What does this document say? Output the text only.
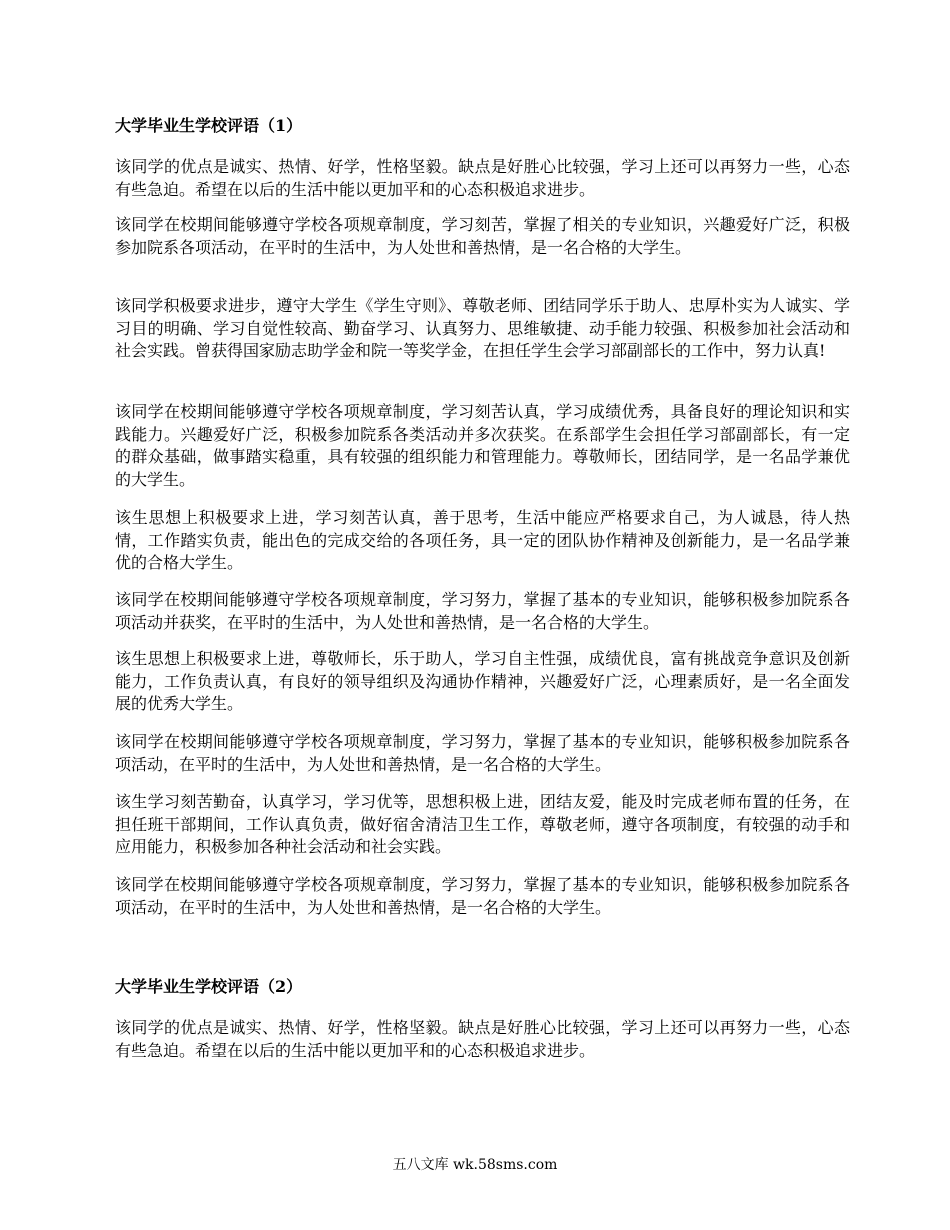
大学毕业生学校评语（1）

该同学的优点是诚实、热情、好学，性格坚毅。缺点是好胜心比较强，学习上还可以再努力一些，心态有些急迫。希望在以后的生活中能以更加平和的心态积极追求进步。

该同学在校期间能够遵守学校各项规章制度，学习刻苦，掌握了相关的专业知识，兴趣爱好广泛，积极参加院系各项活动，在平时的生活中，为人处世和善热情，是一名合格的大学生。

该同学积极要求进步，遵守大学生《学生守则》、尊敬老师、团结同学乐于助人、忠厚朴实为人诚实、学习目的明确、学习自觉性较高、勤奋学习、认真努力、思维敏捷、动手能力较强、积极参加社会活动和社会实践。曾获得国家励志助学金和院一等奖学金，在担任学生会学习部副部长的工作中，努力认真!

该同学在校期间能够遵守学校各项规章制度，学习刻苦认真，学习成绩优秀，具备良好的理论知识和实践能力。兴趣爱好广泛，积极参加院系各类活动并多次获奖。在系部学生会担任学习部副部长，有一定的群众基础，做事踏实稳重，具有较强的组织能力和管理能力。尊敬师长，团结同学，是一名品学兼优的大学生。

该生思想上积极要求上进，学习刻苦认真，善于思考，生活中能应严格要求自己，为人诚恳，待人热情，工作踏实负责，能出色的完成交给的各项任务，具一定的团队协作精神及创新能力，是一名品学兼优的合格大学生。

该同学在校期间能够遵守学校各项规章制度，学习努力，掌握了基本的专业知识，能够积极参加院系各项活动并获奖，在平时的生活中，为人处世和善热情，是一名合格的大学生。

该生思想上积极要求上进，尊敬师长，乐于助人，学习自主性强，成绩优良，富有挑战竞争意识及创新能力，工作负责认真，有良好的领导组织及沟通协作精神，兴趣爱好广泛，心理素质好，是一名全面发展的优秀大学生。

该同学在校期间能够遵守学校各项规章制度，学习努力，掌握了基本的专业知识，能够积极参加院系各项活动，在平时的生活中，为人处世和善热情，是一名合格的大学生。

该生学习刻苦勤奋，认真学习，学习优等，思想积极上进，团结友爱，能及时完成老师布置的任务，在担任班干部期间，工作认真负责，做好宿舍清洁卫生工作，尊敬老师，遵守各项制度，有较强的动手和应用能力，积极参加各种社会活动和社会实践。

该同学在校期间能够遵守学校各项规章制度，学习努力，掌握了基本的专业知识，能够积极参加院系各项活动，在平时的生活中，为人处世和善热情，是一名合格的大学生。

大学毕业生学校评语（2）

该同学的优点是诚实、热情、好学，性格坚毅。缺点是好胜心比较强，学习上还可以再努力一些，心态有些急迫。希望在以后的生活中能以更加平和的心态积极追求进步。

五八文库 wk.58sms.com
